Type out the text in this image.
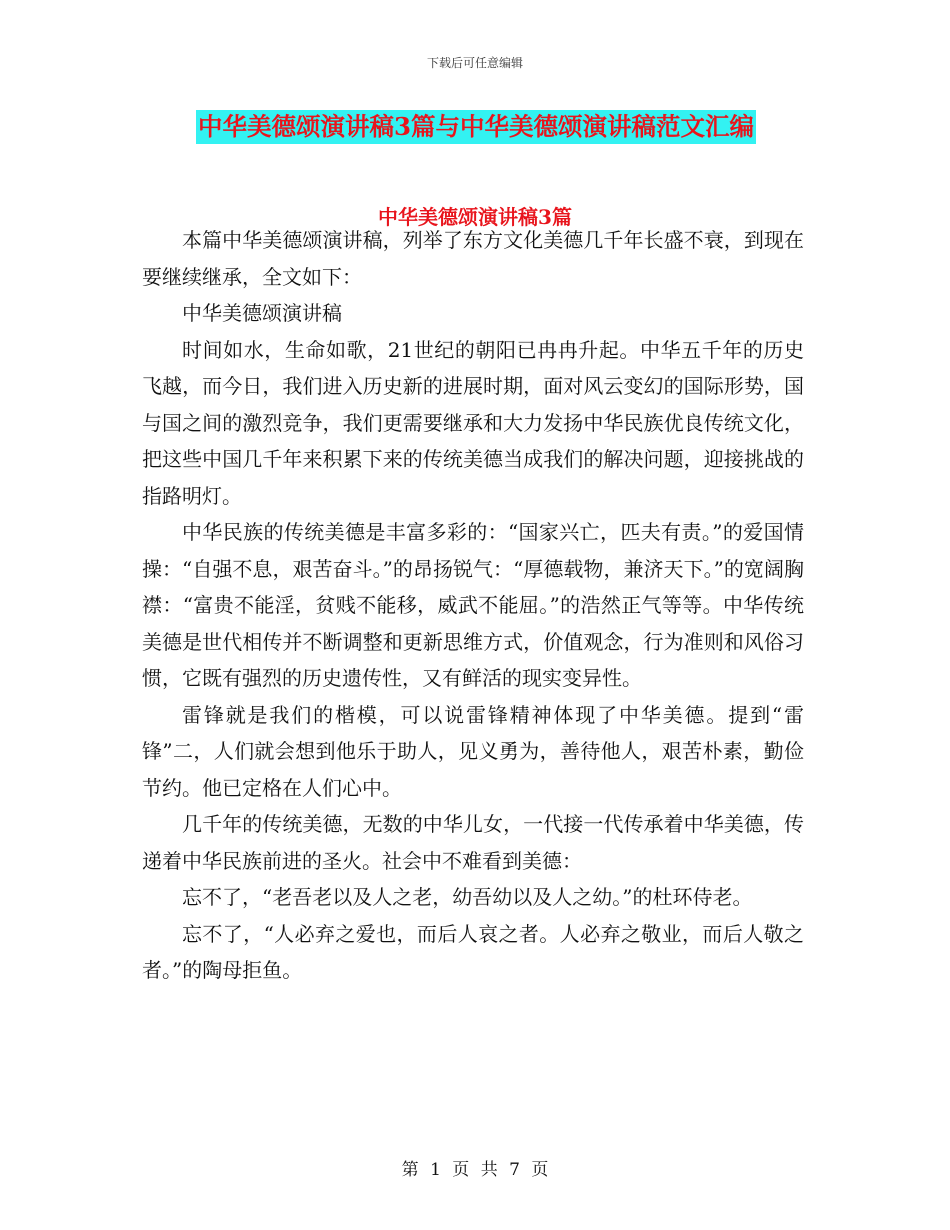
下载后可任意编辑
中华美德颂演讲稿3篇与中华美德颂演讲稿范文汇编
中华美德颂演讲稿3篇

本篇中华美德颂演讲稿，列举了东方文化美德几千年长盛不衰，到现在要继续继承，全文如下：

中华美德颂演讲稿

时间如水，生命如歌，21世纪的朝阳已冉冉升起。中华五千年的历史飞越，而今日，我们进入历史新的进展时期，面对风云变幻的国际形势，国与国之间的激烈竞争，我们更需要继承和大力发扬中华民族优良传统文化，把这些中国几千年来积累下来的传统美德当成我们的解决问题，迎接挑战的指路明灯。

中华民族的传统美德是丰富多彩的：“国家兴亡，匹夫有责。”的爱国情操：“自强不息，艰苦奋斗。”的昂扬锐气：“厚德载物，兼济天下。”的宽阔胸襟：“富贵不能淫，贫贱不能移，威武不能屈。”的浩然正气等等。中华传统美德是世代相传并不断调整和更新思维方式，价值观念，行为准则和风俗习惯，它既有强烈的历史遗传性，又有鲜活的现实变异性。

雷锋就是我们的楷模，可以说雷锋精神体现了中华美德。提到“雷锋”二，人们就会想到他乐于助人，见义勇为，善待他人，艰苦朴素，勤俭节约。他已定格在人们心中。

几千年的传统美德，无数的中华儿女，一代接一代传承着中华美德，传递着中华民族前进的圣火。社会中不难看到美德：

忘不了，“老吾老以及人之老，幼吾幼以及人之幼。”的杜环侍老。

忘不了，“人必弃之爱也，而后人哀之者。人必弃之敬业，而后人敬之者。”的陶母拒鱼。

第 1 页 共 7 页
